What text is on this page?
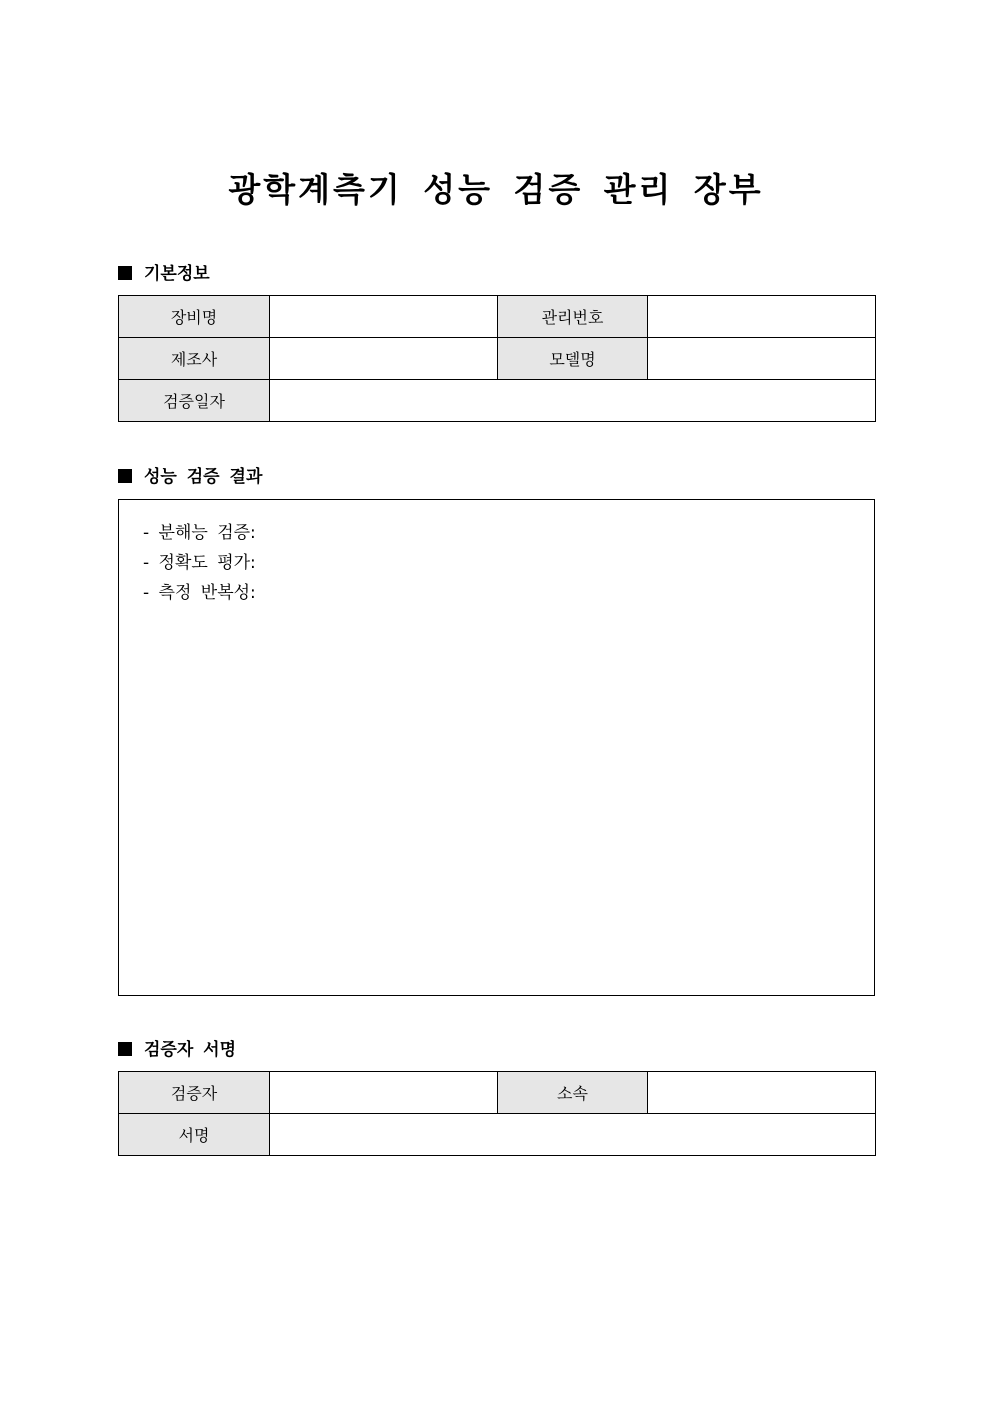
광학계측기 성능 검증 관리 장부
기본정보
장비명		관리번호	
제조사		모델명	
검증일자			
성능 검증 결과
- 분해능 검증:
- 정확도 평가:
- 측정 반복성:
검증자 서명
검증자		소속	
서명			
